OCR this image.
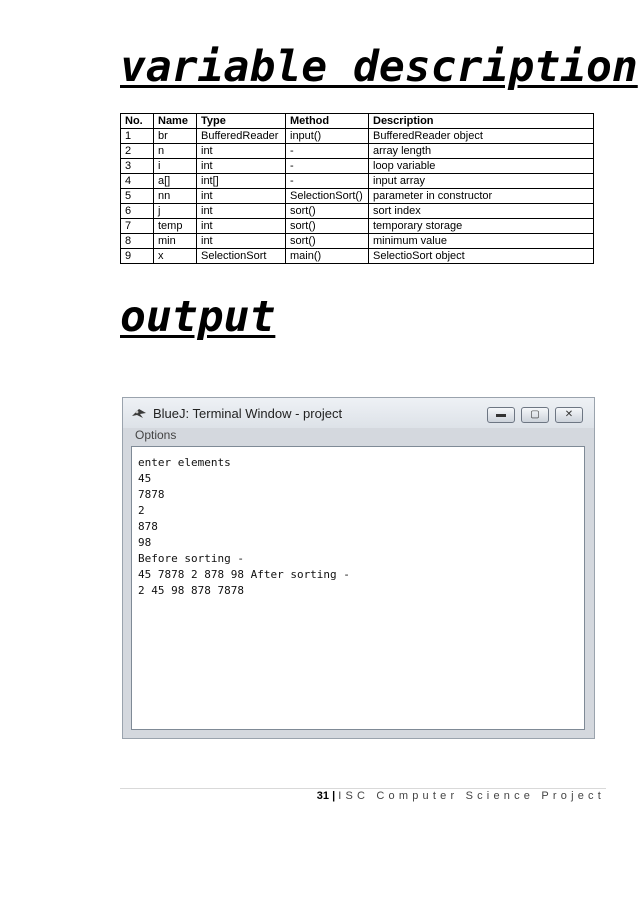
variable description
No.	Name	Type	Method	Description
1	br	BufferedReader	input()	BufferedReader object
2	n	int	-	array length
3	i	int	-	loop variable
4	a[]	int[]	-	input array
5	nn	int	SelectionSort()	parameter in constructor
6	j	int	sort()	sort index
7	temp	int	sort()	temporary storage
8	min	int	sort()	minimum value
9	x	SelectionSort	main()	SelectioSort object
output
BlueJ: Terminal Window - project	▬	▢	✕
Options
enter elements
45
7878
2
878
98
Before sorting -
45 7878 2 878 98 After sorting -
2 45 98 878 7878
31 | ISC Computer Science Project
